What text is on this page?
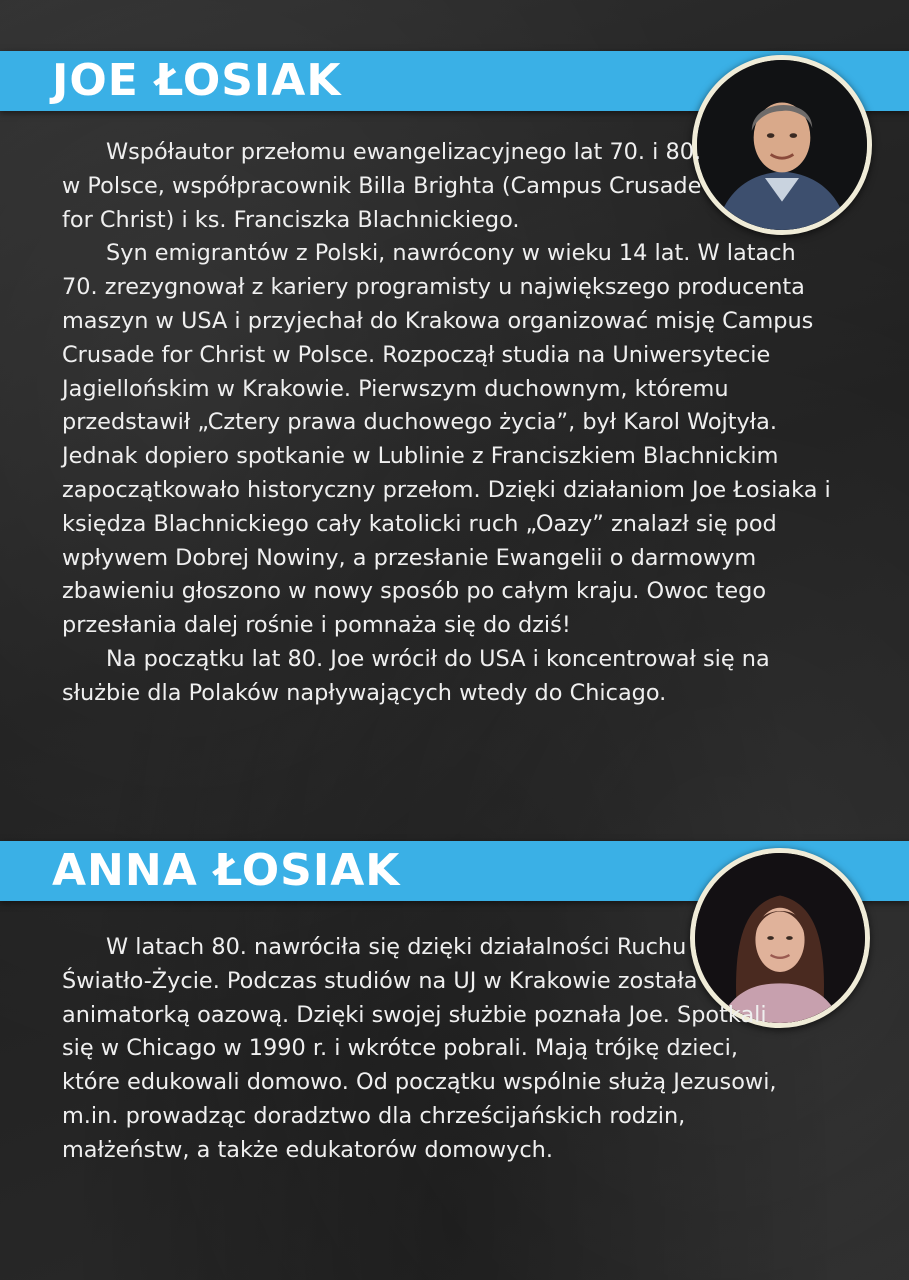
JOE ŁOSIAK

Współautor przełomu ewangelizacyjnego lat 70. i 80. w Polsce, współpracownik Billa Brighta (Campus Crusade for Christ) i ks. Franciszka Blachnickiego.

Syn emigrantów z Polski, nawrócony w wieku 14 lat. W latach 70. zrezygnował z kariery programisty u największego producenta maszyn w USA i przyjechał do Krakowa organizować misję Campus Crusade for Christ w Polsce. Rozpoczął studia na Uniwersytecie Jagiellońskim w Krakowie. Pierwszym duchownym, któremu przedstawił „Cztery prawa duchowego życia”, był Karol Wojtyła. Jednak dopiero spotkanie w Lublinie z Franciszkiem Blachnickim zapoczątkowało historyczny przełom. Dzięki działaniom Joe Łosiaka i księdza Blachnickiego cały katolicki ruch „Oazy” znalazł się pod wpływem Dobrej Nowiny, a przesłanie Ewangelii o darmowym zbawieniu głoszono w nowy sposób po całym kraju. Owoc tego przesłania dalej rośnie i pomnaża się do dziś!

Na początku lat 80. Joe wrócił do USA i koncentrował się na służbie dla Polaków napływających wtedy do Chicago.

ANNA ŁOSIAK

W latach 80. nawróciła się dzięki działalności Ruchu Światło-Życie. Podczas studiów na UJ w Krakowie została animatorką oazową. Dzięki swojej służbie poznała Joe. Spotkali się w Chicago w 1990 r. i wkrótce pobrali. Mają trójkę dzieci, które edukowali domowo. Od początku wspólnie służą Jezusowi, m.in. prowadząc doradztwo dla chrześcijańskich rodzin, małżeństw, a także edukatorów domowych.
